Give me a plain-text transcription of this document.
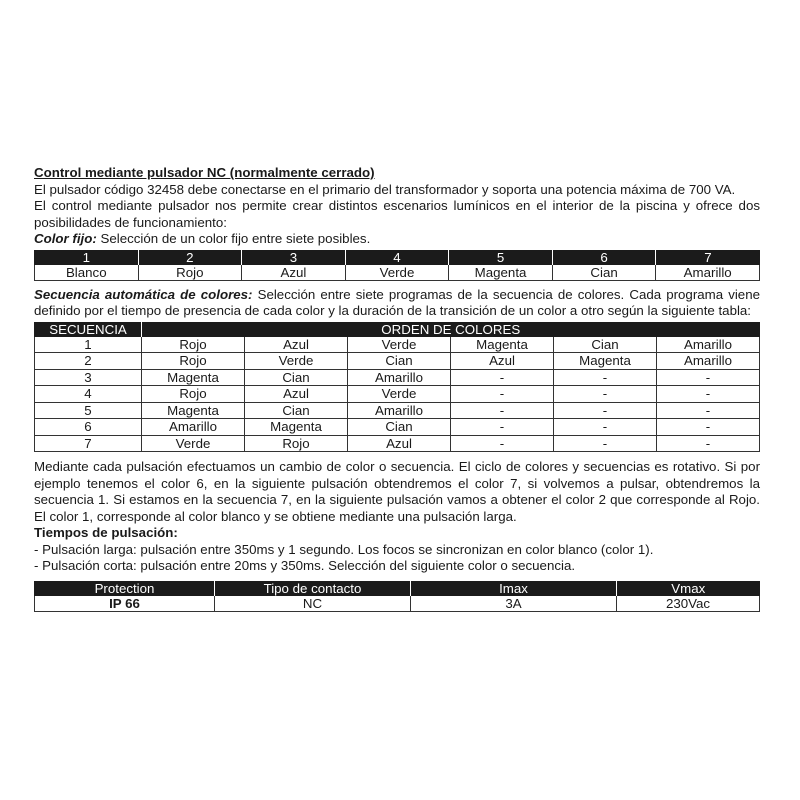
Control mediante pulsador NC (normalmente cerrado)

El pulsador código 32458 debe conectarse en el primario del transformador y soporta una potencia máxima de 700 VA.

El control mediante pulsador nos permite crear distintos escenarios lumínicos en el interior de la piscina y ofrece dos posibilidades de funcionamiento:

Color fijo: Selección de un color fijo entre siete posibles.

1	2	3	4	5	6	7
Blanco	Rojo	Azul	Verde	Magenta	Cian	Amarillo

Secuencia automática de colores: Selección entre siete programas de la secuencia de colores. Cada programa viene definido por el tiempo de presencia de cada color y la duración de la transición de un color a otro según la siguiente tabla:

SECUENCIA	ORDEN DE COLORES					
1	Rojo	Azul	Verde	Magenta	Cian	Amarillo
2	Rojo	Verde	Cian	Azul	Magenta	Amarillo
3	Magenta	Cian	Amarillo	-	-	-
4	Rojo	Azul	Verde	-	-	-
5	Magenta	Cian	Amarillo	-	-	-
6	Amarillo	Magenta	Cian	-	-	-
7	Verde	Rojo	Azul	-	-	-

Mediante cada pulsación efectuamos un cambio de color o secuencia. El ciclo de colores y secuencias es rotativo. Si por ejemplo tenemos el color 6, en la siguiente pulsación obtendremos el color 7, si volvemos a pulsar, obtendremos la secuencia 1. Si estamos en la secuencia 7, en la siguiente pulsación vamos a obtener el color 2 que corresponde al Rojo. El color 1, corresponde al color blanco y se obtiene mediante una pulsación larga.

Tiempos de pulsación:

- Pulsación larga: pulsación entre 350ms y 1 segundo. Los focos se sincronizan en color blanco (color 1).

- Pulsación corta: pulsación entre 20ms y 350ms. Selección del siguiente color o secuencia.

Protection	Tipo de contacto	Imax	Vmax
IP 66	NC	3A	230Vac
